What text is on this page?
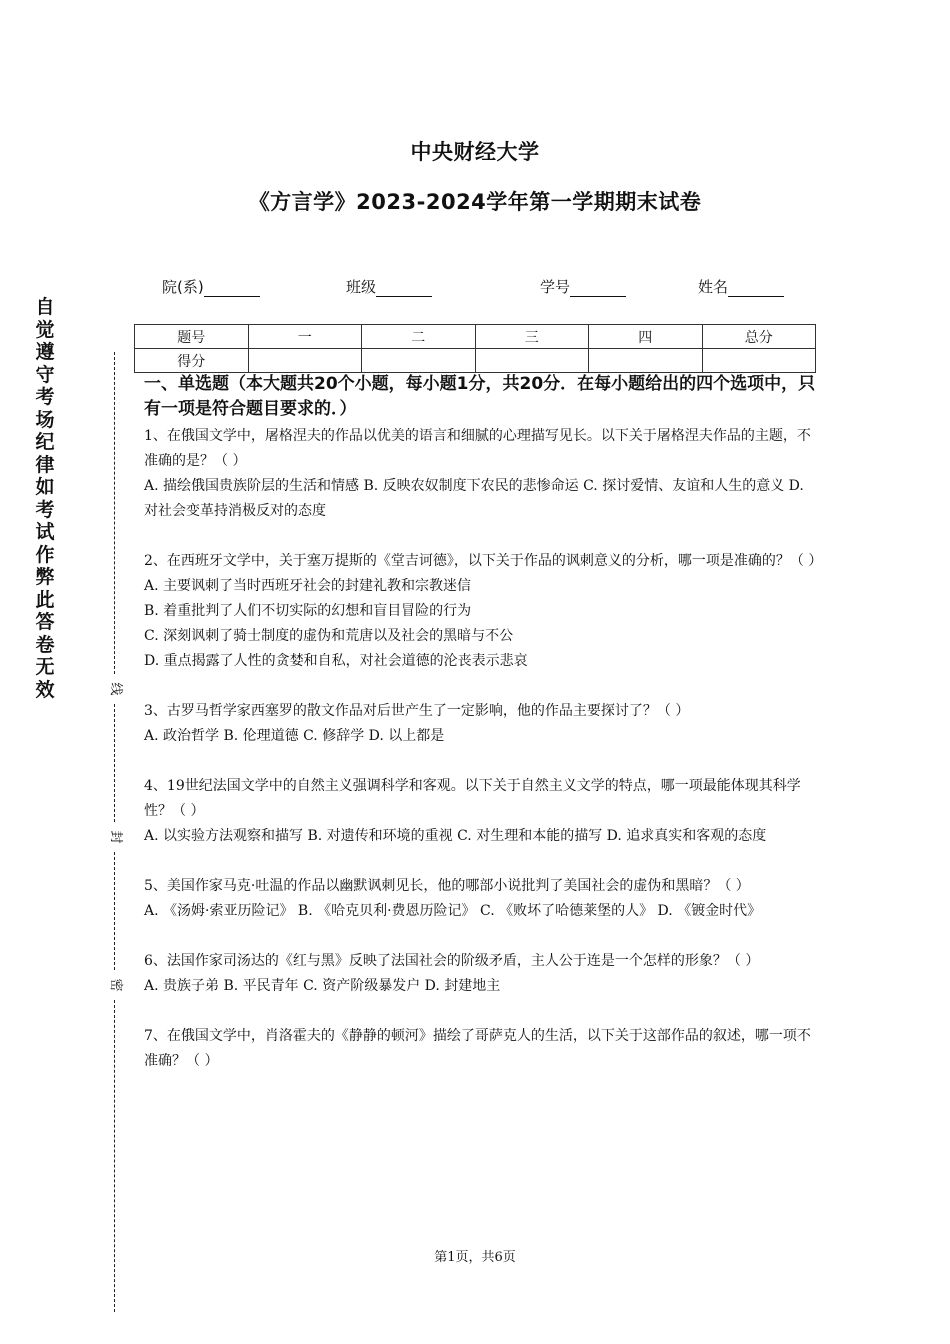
中央财经大学
《方言学》2023-2024学年第一学期期末试卷
院(系)	班级	学号	姓名
题号	一	二	三	四	总分
得分					
自觉遵守考场纪律如考试作弊此答卷无效	线
封
密

一、单选题（本大题共20个小题，每小题1分，共20分．在每小题给出的四个选项中，只有一项是符合题目要求的．）

1、在俄国文学中，屠格涅夫的作品以优美的语言和细腻的心理描写见长。以下关于屠格涅夫作品的主题，不准确的是？（ ）

A. 描绘俄国贵族阶层的生活和情感 B. 反映农奴制度下农民的悲惨命运 C. 探讨爱情、友谊和人生的意义 D. 对社会变革持消极反对的态度

2、在西班牙文学中，关于塞万提斯的《堂吉诃德》，以下关于作品的讽刺意义的分析，哪一项是准确的？（ ）

A. 主要讽刺了当时西班牙社会的封建礼教和宗教迷信

B. 着重批判了人们不切实际的幻想和盲目冒险的行为

C. 深刻讽刺了骑士制度的虚伪和荒唐以及社会的黑暗与不公

D. 重点揭露了人性的贪婪和自私，对社会道德的沦丧表示悲哀

3、古罗马哲学家西塞罗的散文作品对后世产生了一定影响，他的作品主要探讨了？（ ）

A. 政治哲学 B. 伦理道德 C. 修辞学 D. 以上都是

4、19世纪法国文学中的自然主义强调科学和客观。以下关于自然主义文学的特点，哪一项最能体现其科学性？（ ）

A. 以实验方法观察和描写 B. 对遗传和环境的重视 C. 对生理和本能的描写 D. 追求真实和客观的态度

5、美国作家马克·吐温的作品以幽默讽刺见长，他的哪部小说批判了美国社会的虚伪和黑暗？（ ）

A. 《汤姆·索亚历险记》 B. 《哈克贝利·费恩历险记》 C. 《败坏了哈德莱堡的人》 D. 《镀金时代》

6、法国作家司汤达的《红与黑》反映了法国社会的阶级矛盾，主人公于连是一个怎样的形象？（ ）

A. 贵族子弟 B. 平民青年 C. 资产阶级暴发户 D. 封建地主

7、在俄国文学中，肖洛霍夫的《静静的顿河》描绘了哥萨克人的生活，以下关于这部作品的叙述，哪一项不准确？（ ）

第1页，共6页
